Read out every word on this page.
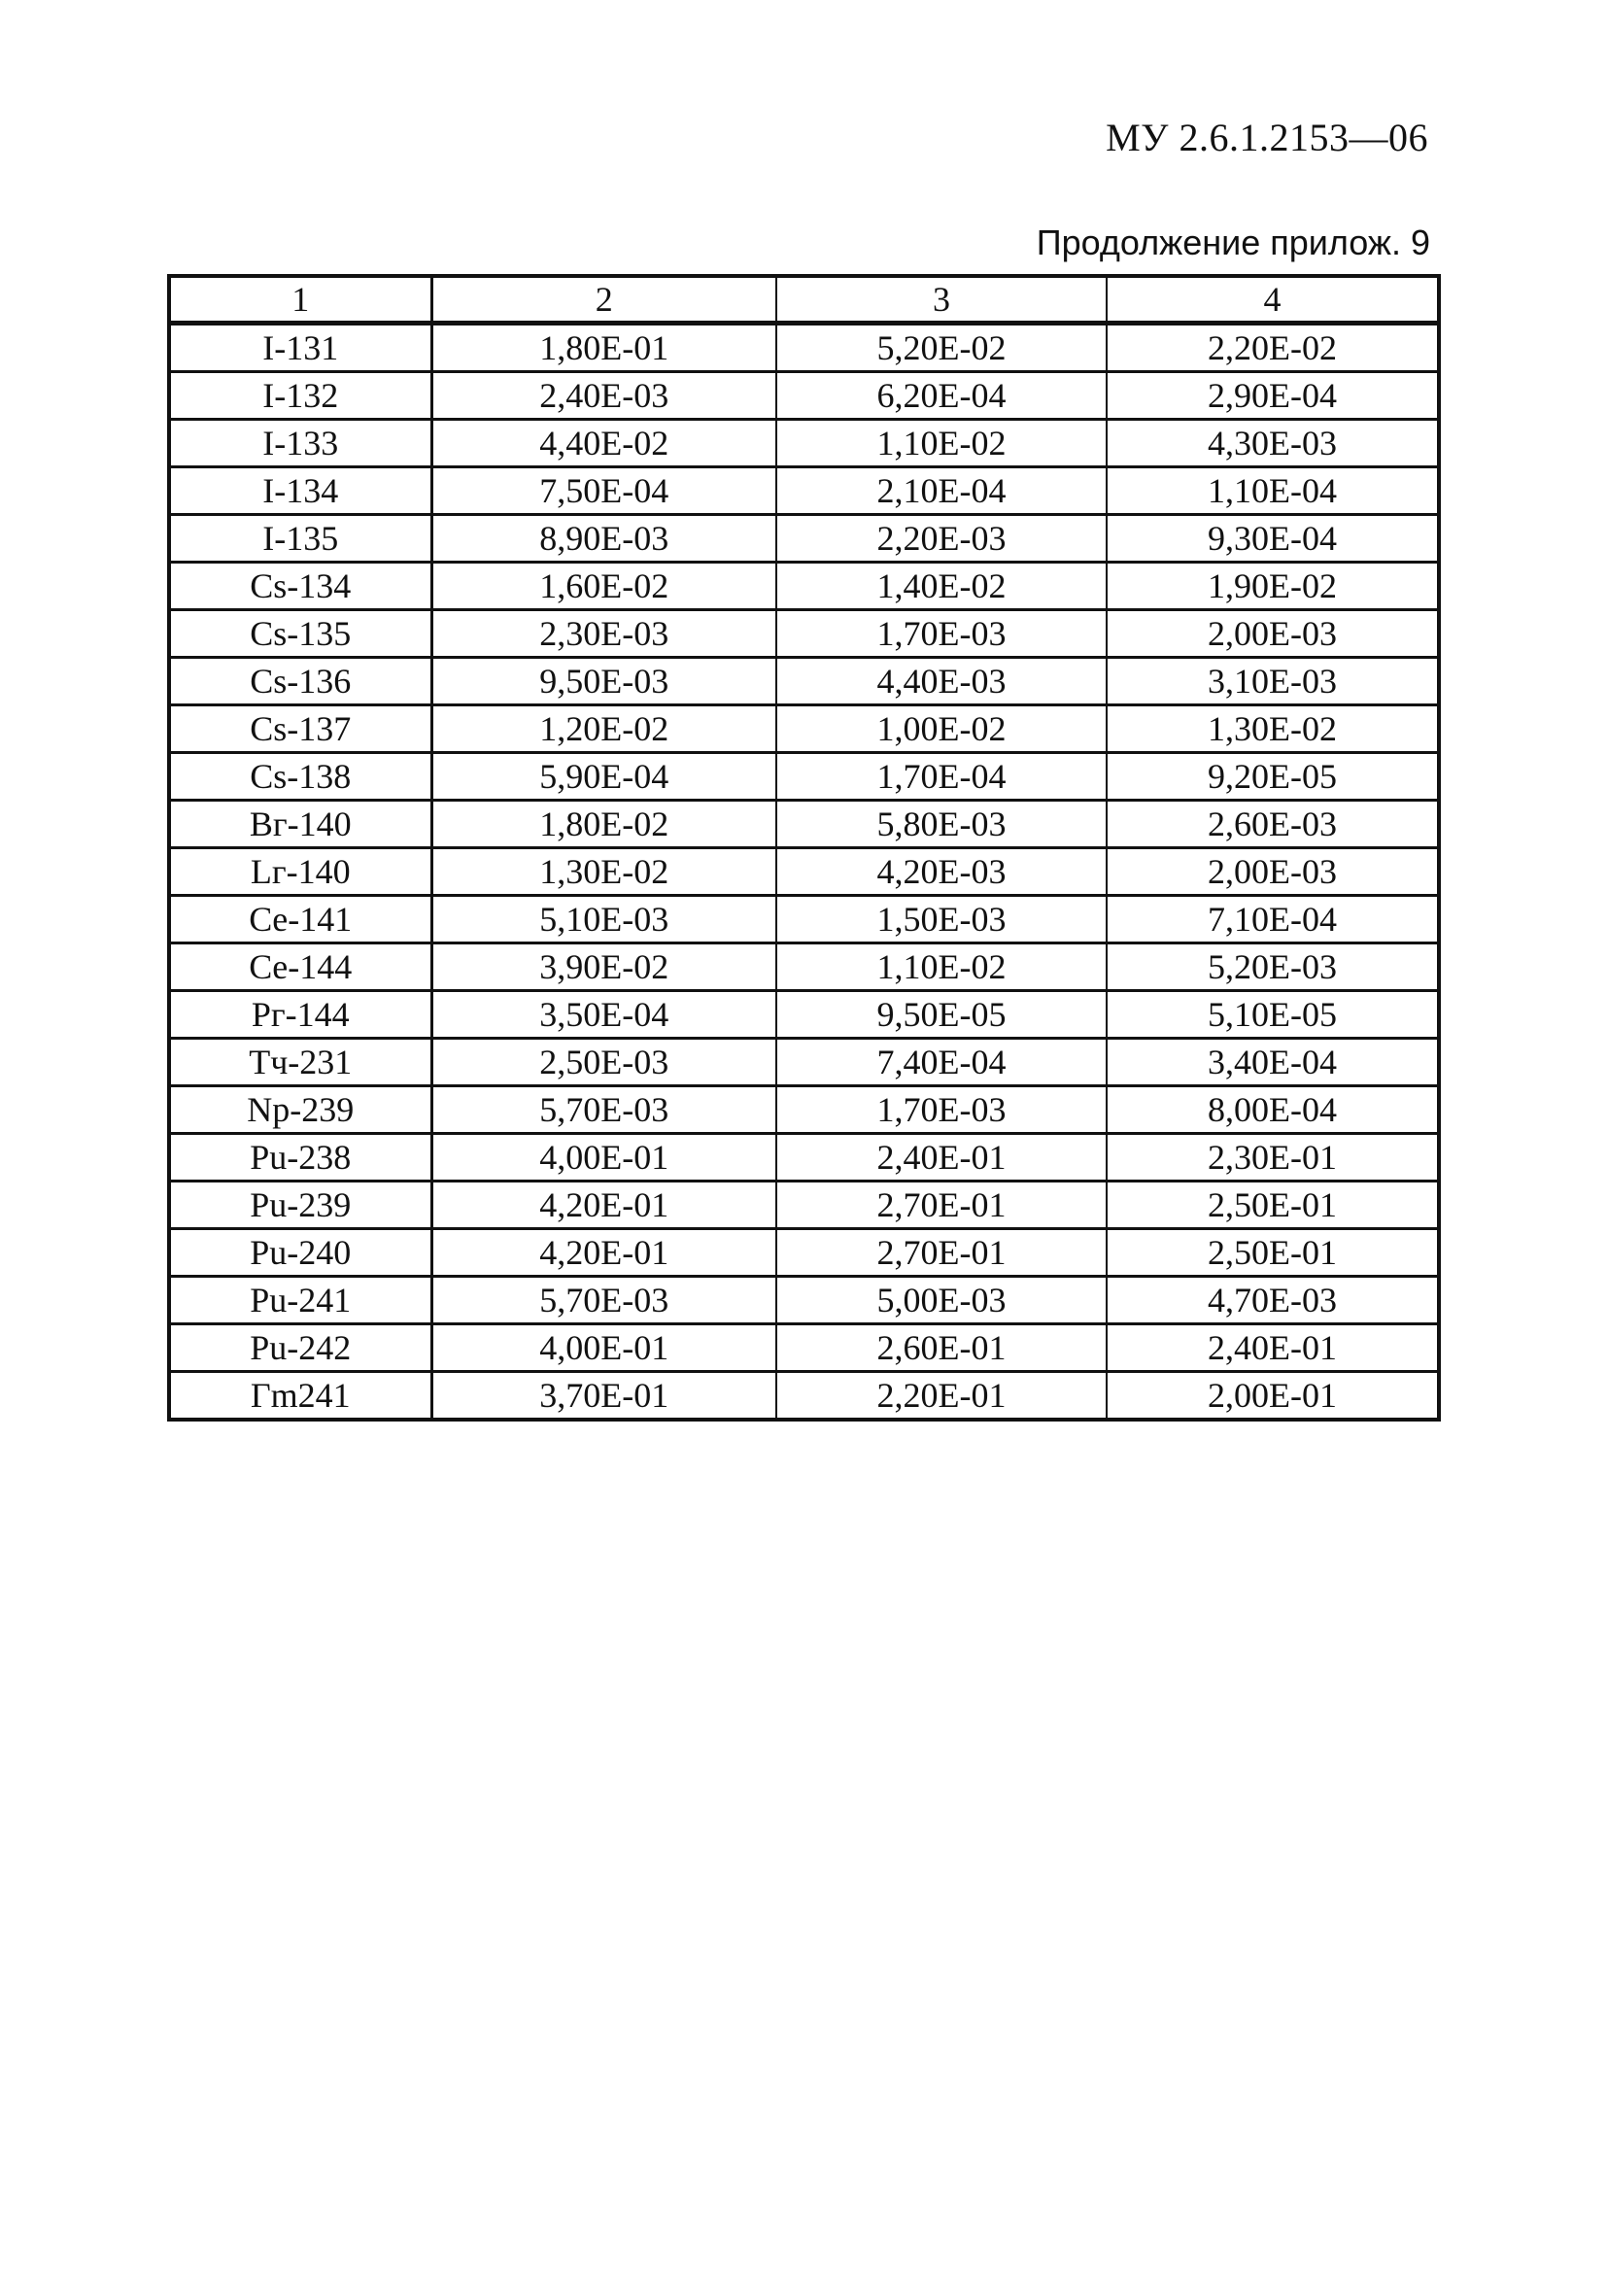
МУ 2.6.1.2153—06
Продолжение прилож. 9
1	2	3	4
I-131	1,80E-01	5,20E-02	2,20E-02
I-132	2,40E-03	6,20E-04	2,90E-04
I-133	4,40E-02	1,10E-02	4,30E-03
I-134	7,50E-04	2,10E-04	1,10E-04
I-135	8,90E-03	2,20E-03	9,30E-04
Cs-134	1,60E-02	1,40E-02	1,90E-02
Cs-135	2,30E-03	1,70E-03	2,00E-03
Cs-136	9,50E-03	4,40E-03	3,10E-03
Cs-137	1,20E-02	1,00E-02	1,30E-02
Cs-138	5,90E-04	1,70E-04	9,20E-05
Bг-140	1,80E-02	5,80E-03	2,60E-03
Lг-140	1,30E-02	4,20E-03	2,00E-03
Ce-141	5,10E-03	1,50E-03	7,10E-04
Ce-144	3,90E-02	1,10E-02	5,20E-03
Pг-144	3,50E-04	9,50E-05	5,10E-05
Тч-231	2,50E-03	7,40E-04	3,40E-04
Np-239	5,70E-03	1,70E-03	8,00E-04
Pu-238	4,00E-01	2,40E-01	2,30E-01
Pu-239	4,20E-01	2,70E-01	2,50E-01
Pu-240	4,20E-01	2,70E-01	2,50E-01
Pu-241	5,70E-03	5,00E-03	4,70E-03
Pu-242	4,00E-01	2,60E-01	2,40E-01
Гm241	3,70E-01	2,20E-01	2,00E-01
